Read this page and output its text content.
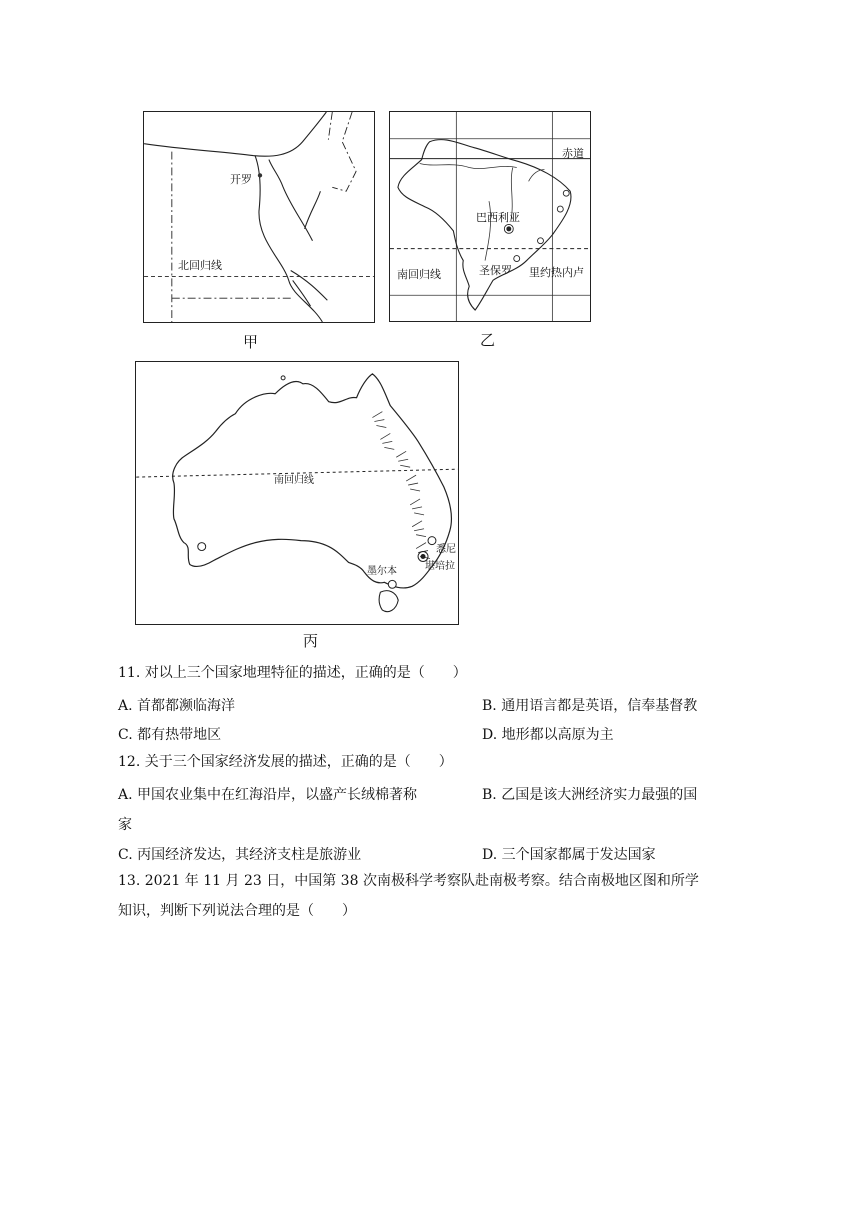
开罗
北回归线
甲
赤道
巴西利亚
南回归线	圣保罗 里约热内卢
乙
南回归线
悉尼
堪培拉
墨尔本
丙
11. 对以上三个国家地理特征的描述，正确的是（　　）
A. 首都都濒临海洋	B. 通用语言都是英语，信奉基督教
C. 都有热带地区	D. 地形都以高原为主
12. 关于三个国家经济发展的描述，正确的是（　　）
A. 甲国农业集中在红海沿岸，以盛产长绒棉著称	B. 乙国是该大洲经济实力最强的国
家
C. 丙国经济发达，其经济支柱是旅游业	D. 三个国家都属于发达国家
13. 2021 年 11 月 23 日，中国第 38 次南极科学考察队赴南极考察。结合南极地区图和所学
知识，判断下列说法合理的是（　　）
